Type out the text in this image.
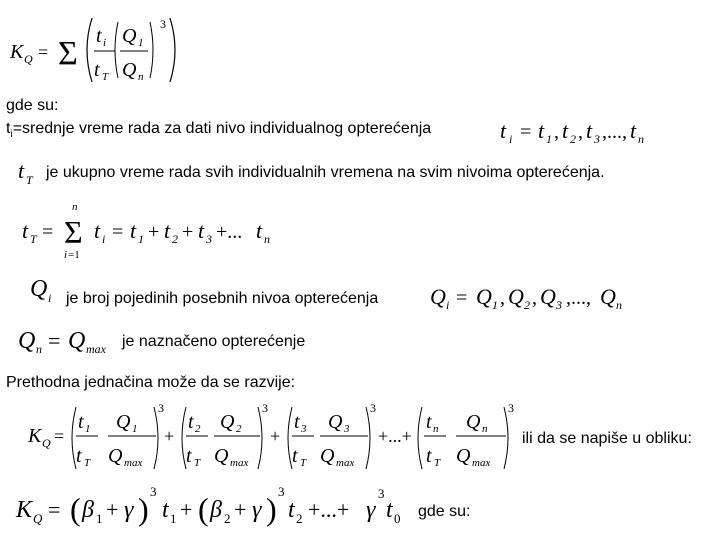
gde su:
$t_i=srednje$ vreme rada za dati nivo individualnog opterećenja
je ukupno vreme rada svih individualnih vremena na svim nivoima opterećenja.
je broj pojedinih posebnih nivoa opterećenja
je naznačeno opterećenje
Prethodna jednačina može da se razvije:
ili da se napiše u obliku:
gde su:
K Q = Σ t i
t T
Q 1
Q n
3
t i = t 1 , t 2 , t 3 ,..., t n
t T
t T = Σ
n
i =1
t i = t 1 + t 2 + t 3 +... t n
Q i	Q i = Q 1 , Q 2 , Q 3 ,..., Q n
Q n = Q max
K Q =
t 1
t T
Q 1
Q max
3
+
t 2
t T
Q 2
Q max
3
+
t 3
t T
Q 3
Q max
3
+...+
t n
t T
Q n
Q max
3
K Q = ( β 1 + γ ) 3
t 1 + ( β 2 + γ ) 3
t 2 +...+ γ
3
t 0
